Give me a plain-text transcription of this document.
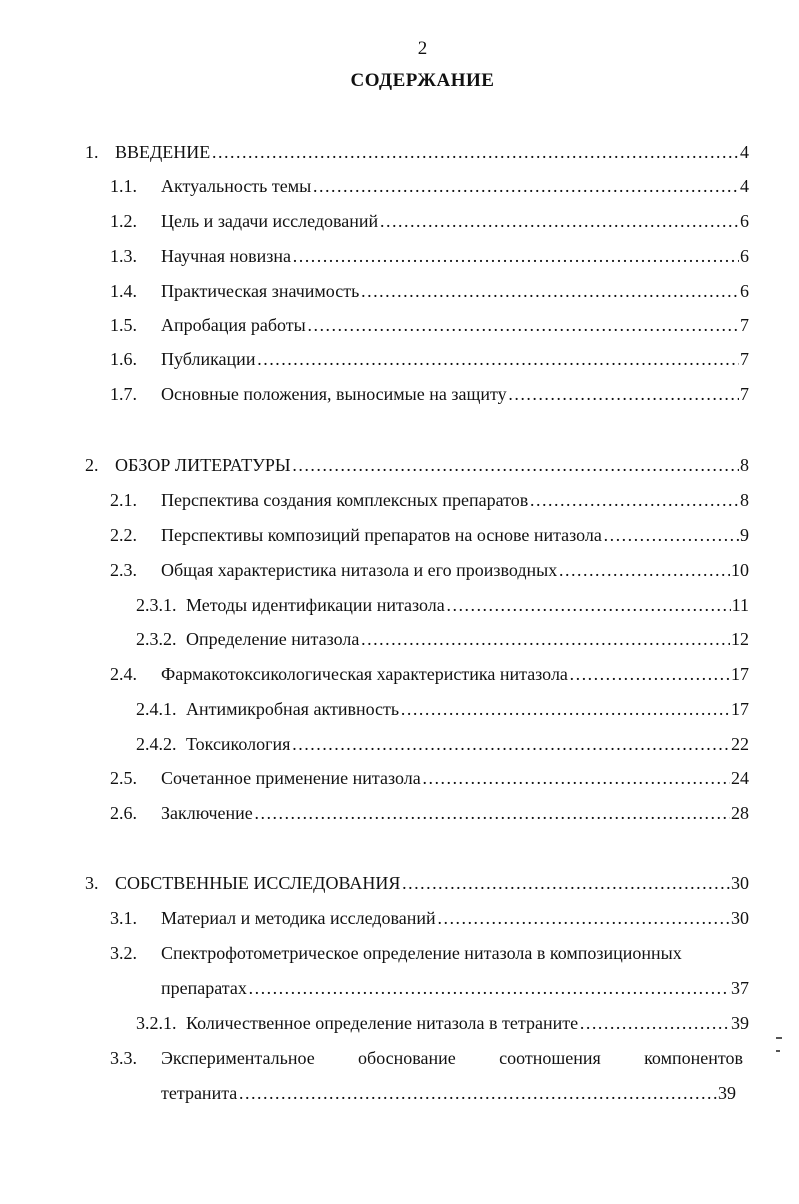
2
СОДЕРЖАНИЕ
1. ВВЕДЕНИЕ ……………………………………………………………………………………………………………………………………………………………………………………	4
1.1.	Актуальность темы ……………………………………………………………………………………………………………………………………………………………………………………	4
1.2.	Цель и задачи исследований ……………………………………………………………………………………………………………………………………………………………………………………	6
1.3.	Научная новизна ……………………………………………………………………………………………………………………………………………………………………………………	6
1.4.	Практическая значимость ……………………………………………………………………………………………………………………………………………………………………………………	6
1.5.	Апробация работы ……………………………………………………………………………………………………………………………………………………………………………………	7
1.6.	Публикации ……………………………………………………………………………………………………………………………………………………………………………………	7
1.7.	Основные положения, выносимые на защиту ……………………………………………………………………………………………………………………………………………………………………………………	7
2. ОБЗОР ЛИТЕРАТУРЫ ……………………………………………………………………………………………………………………………………………………………………………………	8
2.1.	Перспектива создания комплексных препаратов ……………………………………………………………………………………………………………………………………………………………………………………	8
2.2.	Перспективы композиций препаратов на основе нитазола ……………………………………………………………………………………………………………………………………………………………………………………	9
2.3.	Общая характеристика нитазола и его производных ……………………………………………………………………………………………………………………………………………………………………………………	10
2.3.1. Методы идентификации нитазола ……………………………………………………………………………………………………………………………………………………………………………………	11
2.3.2. Определение нитазола ……………………………………………………………………………………………………………………………………………………………………………………	12
2.4.	Фармакотоксикологическая характеристика нитазола ……………………………………………………………………………………………………………………………………………………………………………………	17
2.4.1. Антимикробная активность ……………………………………………………………………………………………………………………………………………………………………………………	17
2.4.2. Токсикология ……………………………………………………………………………………………………………………………………………………………………………………	22
2.5.	Сочетанное применение нитазола ……………………………………………………………………………………………………………………………………………………………………………………	24
2.6.	Заключение ……………………………………………………………………………………………………………………………………………………………………………………	28
3. СОБСТВЕННЫЕ ИССЛЕДОВАНИЯ ……………………………………………………………………………………………………………………………………………………………………………………	30
3.1.	Материал и методика исследований ……………………………………………………………………………………………………………………………………………………………………………………	30
3.2.	Спектрофотометрическое определение нитазола в композиционных
препаратах ……………………………………………………………………………………………………………………………………………………………………………………	37
3.2.1. Количественное определение нитазола в тетраните ……………………………………………………………………………………………………………………………………………………………………………………	39
3.3.	Экспериментальное обоснование соотношения компонентов
тетранита ……………………………………………………………………………………………………………………………………………………………………………………	39
